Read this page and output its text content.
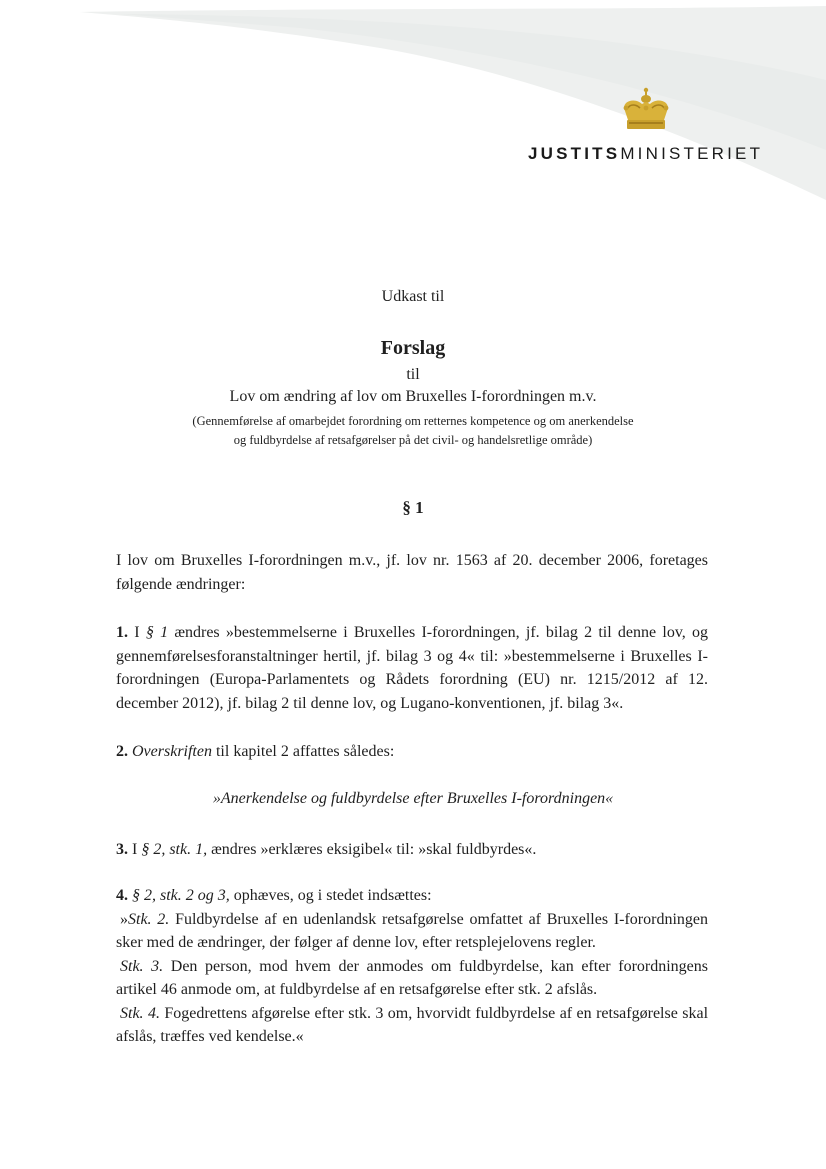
JUSTITSMINISTERIET
Udkast til
Forslag
til
Lov om ændring af lov om Bruxelles I-forordningen m.v.
(Gennemførelse af omarbejdet forordning om retternes kompetence og om anerkendelse
og fuldbyrdelse af retsafgørelser på det civil- og handelsretlige område)
§ 1
I lov om Bruxelles I-forordningen m.v., jf. lov nr. 1563 af 20. december 2006, foretages følgende ændringer:
1. I § 1 ændres »bestemmelserne i Bruxelles I-forordningen, jf. bilag 2 til denne lov, og gennemførelsesforanstaltninger hertil, jf. bilag 3 og 4« til: »bestemmelserne i Bruxelles I-forordningen (Europa-Parlamentets og Rådets forordning (EU) nr. 1215/2012 af 12. december 2012), jf. bilag 2 til denne lov, og Lugano-konventionen, jf. bilag 3«.
2. Overskriften til kapitel 2 affattes således:
»Anerkendelse og fuldbyrdelse efter Bruxelles I-forordningen«
3. I § 2, stk. 1, ændres »erklæres eksigibel« til: »skal fuldbyrdes«.
4. § 2, stk. 2 og 3, ophæves, og i stedet indsættes:
»Stk. 2. Fuldbyrdelse af en udenlandsk retsafgørelse omfattet af Bruxelles I-forordningen sker med de ændringer, der følger af denne lov, efter retsplejelovens regler.
Stk. 3. Den person, mod hvem der anmodes om fuldbyrdelse, kan efter forordningens artikel 46 anmode om, at fuldbyrdelse af en retsafgørelse efter stk. 2 afslås.
Stk. 4. Fogedrettens afgørelse efter stk. 3 om, hvorvidt fuldbyrdelse af en retsafgørelse skal afslås, træffes ved kendelse.«
